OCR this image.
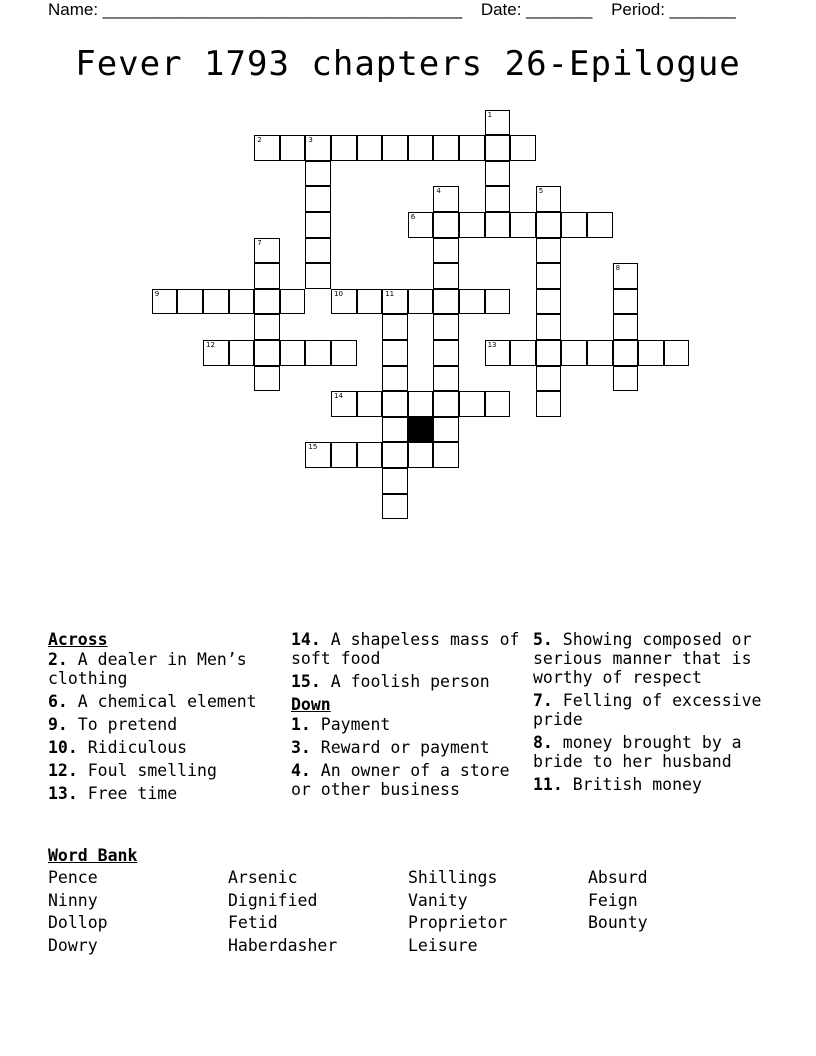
Name: ______________________________________ Date: _______ Period: _______
Fever 1793 chapters 26-Epilogue
2	3
6
9	10	11
12	13
14
15
1
4	5
7
8
Across
2. A dealer in Men’s clothing
6. A chemical element
9. To pretend
10. Ridiculous
12. Foul smelling
13. Free time
14. A shapeless mass of soft food
15. A foolish person
Down
1. Payment
3. Reward or payment
4. An owner of a store or other business
5. Showing composed or serious manner that is worthy of respect
7. Felling of excessive pride
8. money brought by a bride to her husband
11. British money
Word Bank
Pence	Arsenic	Shillings	Absurd
Ninny	Dignified	Vanity	Feign
Dollop	Fetid	Proprietor	Bounty
Dowry	Haberdasher	Leisure
